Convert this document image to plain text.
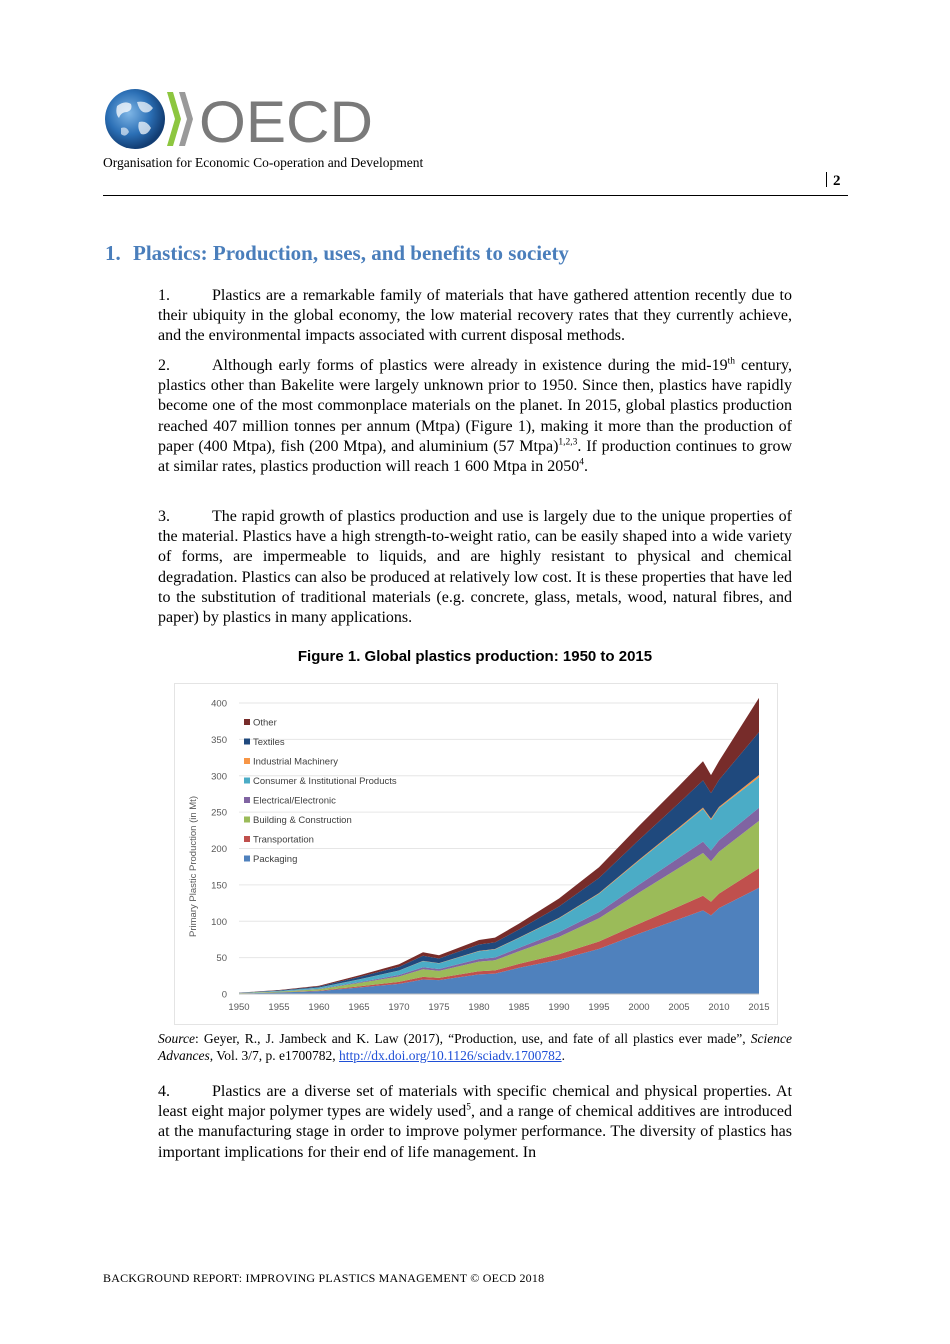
OECD
Organisation for Economic Co-operation and Development
2
1. Plastics: Production, uses, and benefits to society
1.	Plastics are a remarkable family of materials that have gathered attention recently due to their ubiquity in the global economy, the low material recovery rates that they currently achieve, and the environmental impacts associated with current disposal methods.
2.	Although early forms of plastics were already in existence during the mid-19th century, plastics other than Bakelite were largely unknown prior to 1950. Since then, plastics have rapidly become one of the most commonplace materials on the planet. In 2015, global plastics production reached 407 million tonnes per annum (Mtpa) (Figure 1), making it more than the production of paper (400 Mtpa), fish (200 Mtpa), and aluminium (57 Mtpa)$^{1,2,3}$. If production continues to grow at similar rates, plastics production will reach 1 600 Mtpa in 2050$^4$.
3.	The rapid growth of plastics production and use is largely due to the unique properties of the material. Plastics have a high strength-to-weight ratio, can be easily shaped into a wide variety of forms, are impermeable to liquids, and are highly resistant to physical and chemical degradation. Plastics can also be produced at relatively low cost. It is these properties that have led to the substitution of traditional materials (e.g. concrete, glass, metals, wood, natural fibres, and paper) by plastics in many applications.
Figure 1. Global plastics production: 1950 to 2015
0
50
100
150
200
250
300
350
400
1950 1955 1960 1965 1970 1975 1980 1985 1990 1995 2000 2005 2010 2015
Primary Plastic Production (in Mt)
Other
Textiles
Industrial Machinery
Consumer & Institutional Products
Electrical/Electronic
Building & Construction
Transportation
Packaging
Source: Geyer, R., J. Jambeck and K. Law (2017), “Production, use, and fate of all plastics ever made”, Science Advances, Vol. 3/7, p. e1700782, http://dx.doi.org/10.1126/sciadv.1700782.
4.	Plastics are a diverse set of materials with specific chemical and physical properties. At least eight major polymer types are widely used$^5$, and a range of chemical additives are introduced at the manufacturing stage in order to improve polymer performance. The diversity of plastics has important implications for their end of life management. In
BACKGROUND REPORT: IMPROVING PLASTICS MANAGEMENT © OECD 2018
